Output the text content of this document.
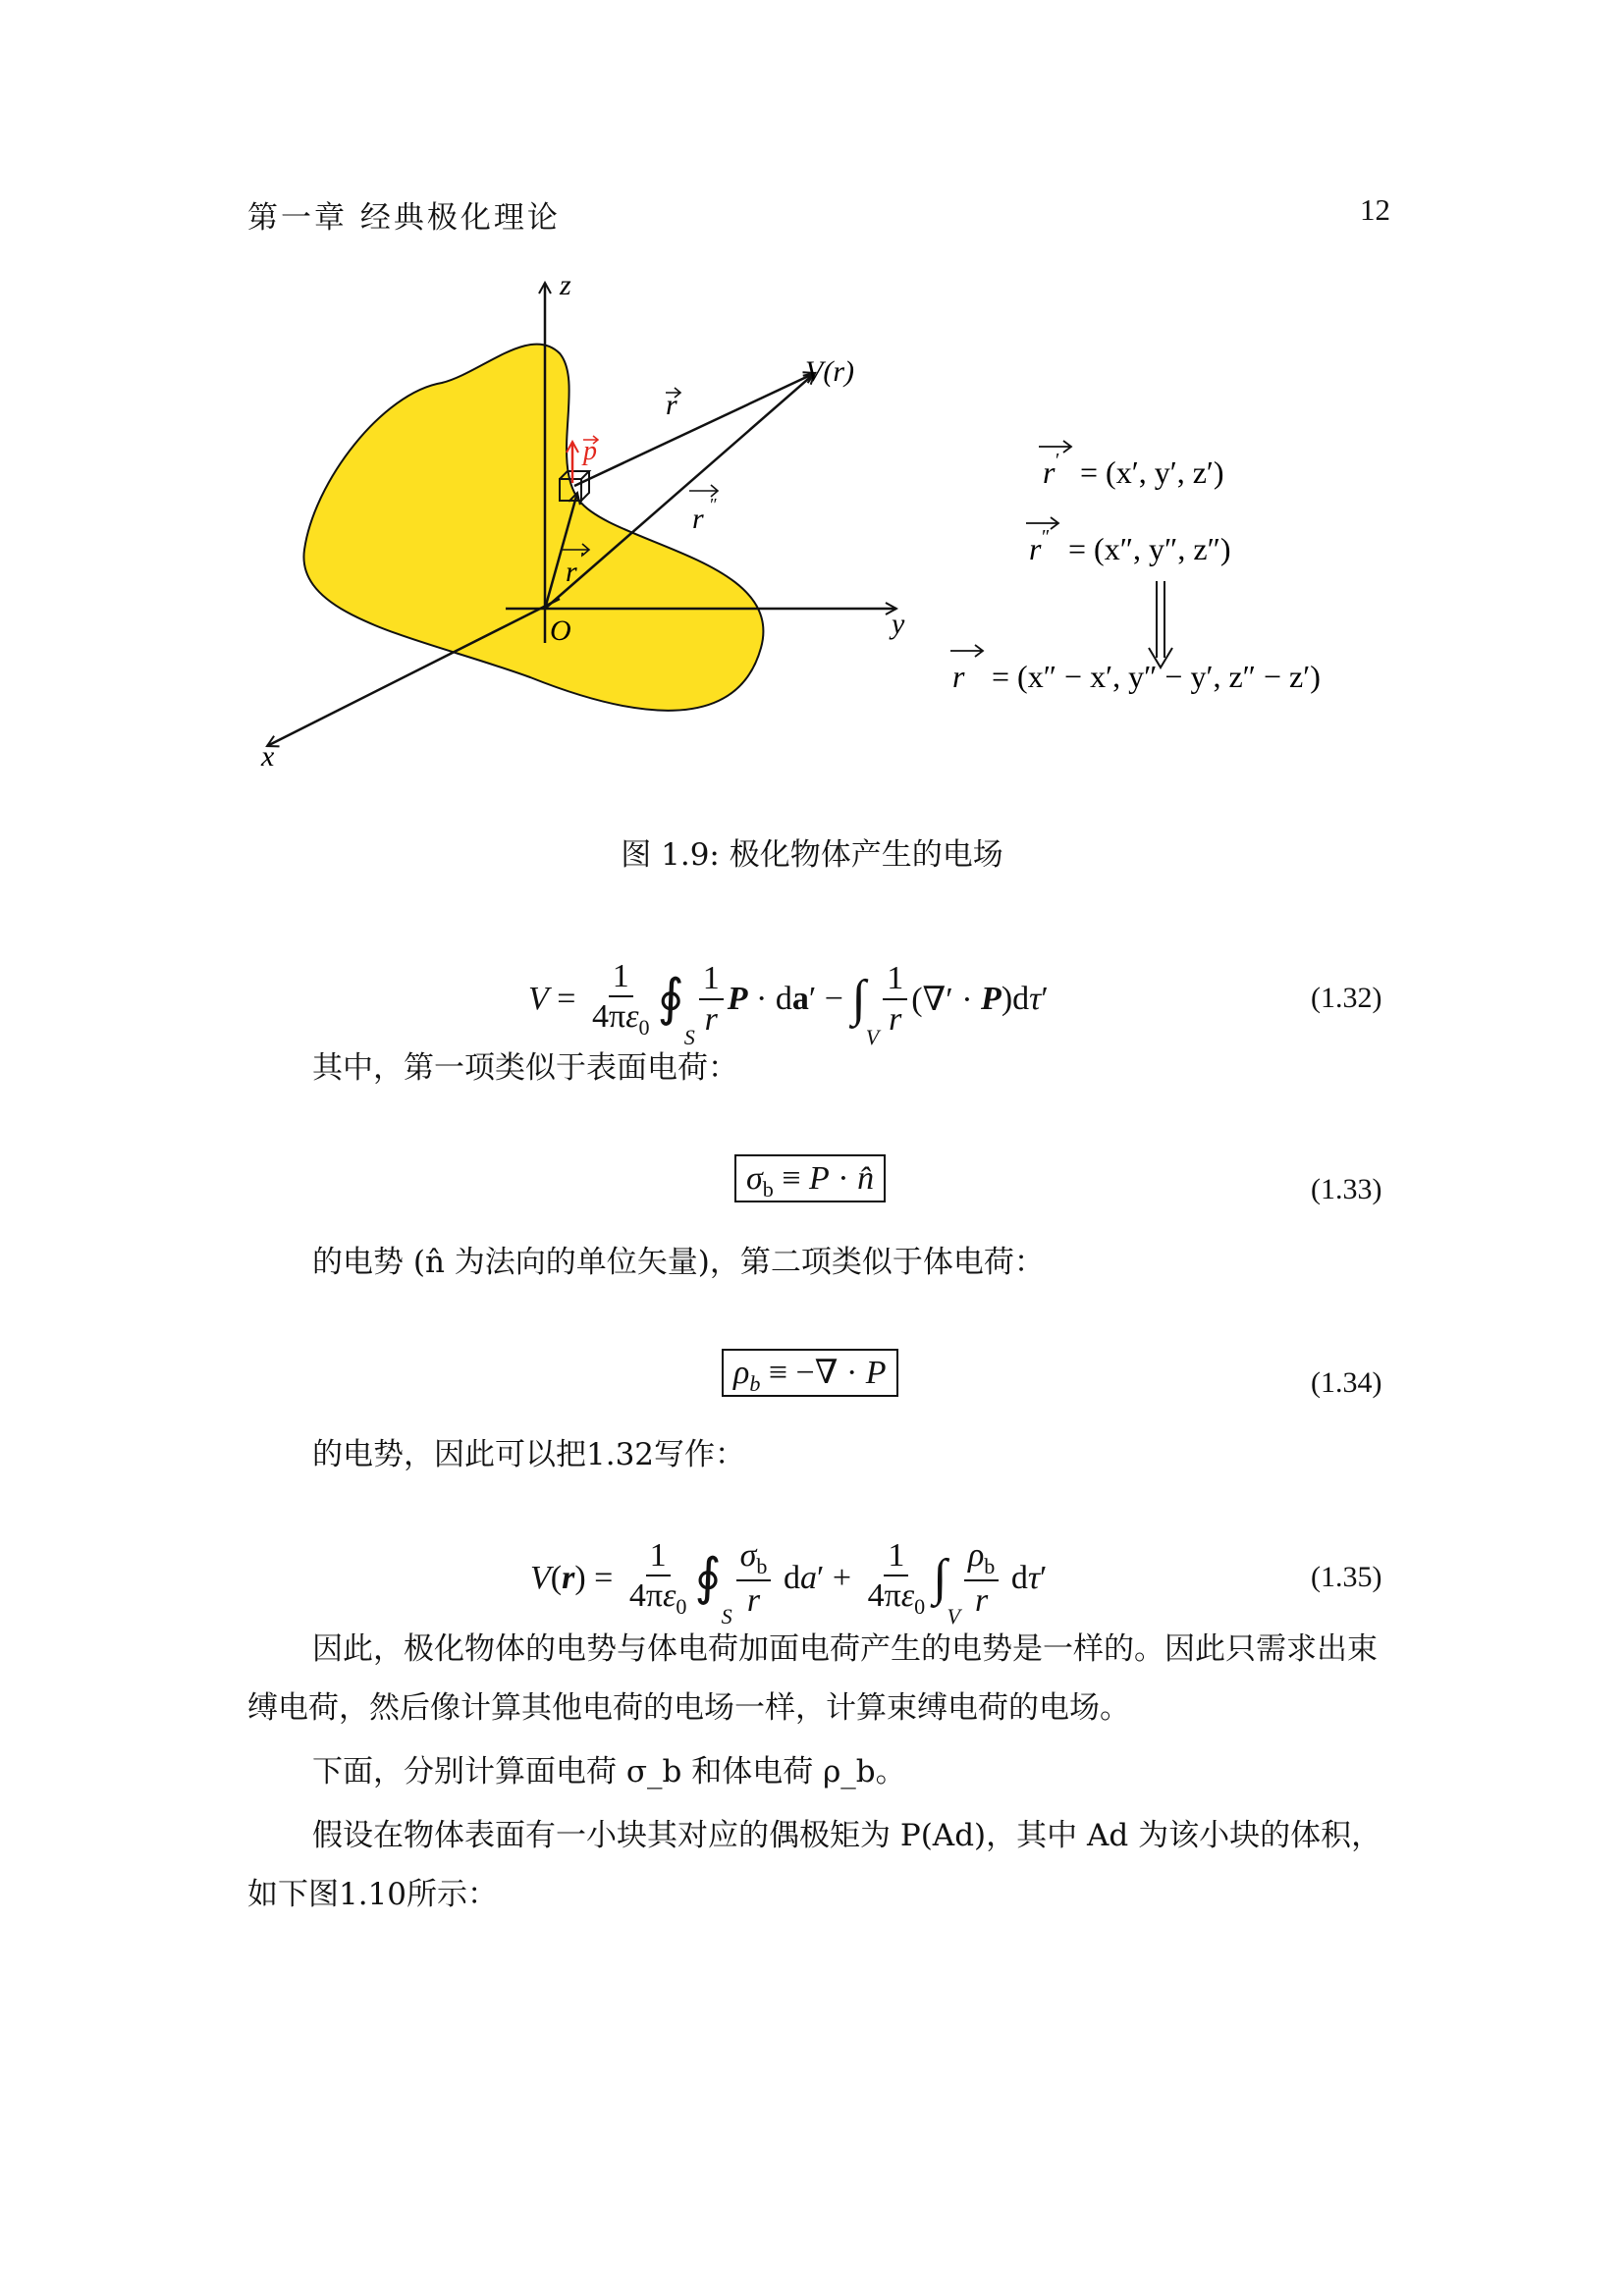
第一章 经典极化理论	12
z
y
x
O
V(r)
r
r ″
r ′
p
r ′ = (x′, y′, z′)
r ″ = (x″, y″, z″)
r = (x″ − x′, y″ − y′, z″ − z′)
图 1.9: 极化物体产生的电场
$V = \frac{1}{4\pi\varepsilon_0}$ ∮
S $\frac{1}{r}$ P · d a ′ − ∫
V $\frac{1}{r}$ (∇′ · P )d τ ′	(1.32)
其中，第一项类似于表面电荷：
$\sigma_b \equiv P$ · n̂	(1.33)
的电势 (n̂ 为法向的单位矢量)，第二项类似于体电荷：
$\rho_b$ ≡ −∇ · P	(1.34)
的电势，因此可以把1.32写作：
V ( r ) = $\frac{1}{4\pi\varepsilon_0}$ ∮
S $\frac{\sigma_b}{r}$ d a ′ + $\frac{1}{4\pi\varepsilon_0}$ ∫
V $\frac{\rho_b}{r}$ d τ ′	(1.35)
因此，极化物体的电势与体电荷加面电荷产生的电势是一样的。因此只需求出束缚电荷，然后像计算其他电荷的电场一样，计算束缚电荷的电场。
下面，分别计算面电荷 σ_b 和体电荷 ρ_b。
假设在物体表面有一小块其对应的偶极矩为 P(Ad)，其中 Ad 为该小块的体积，如下图1.10所示：
